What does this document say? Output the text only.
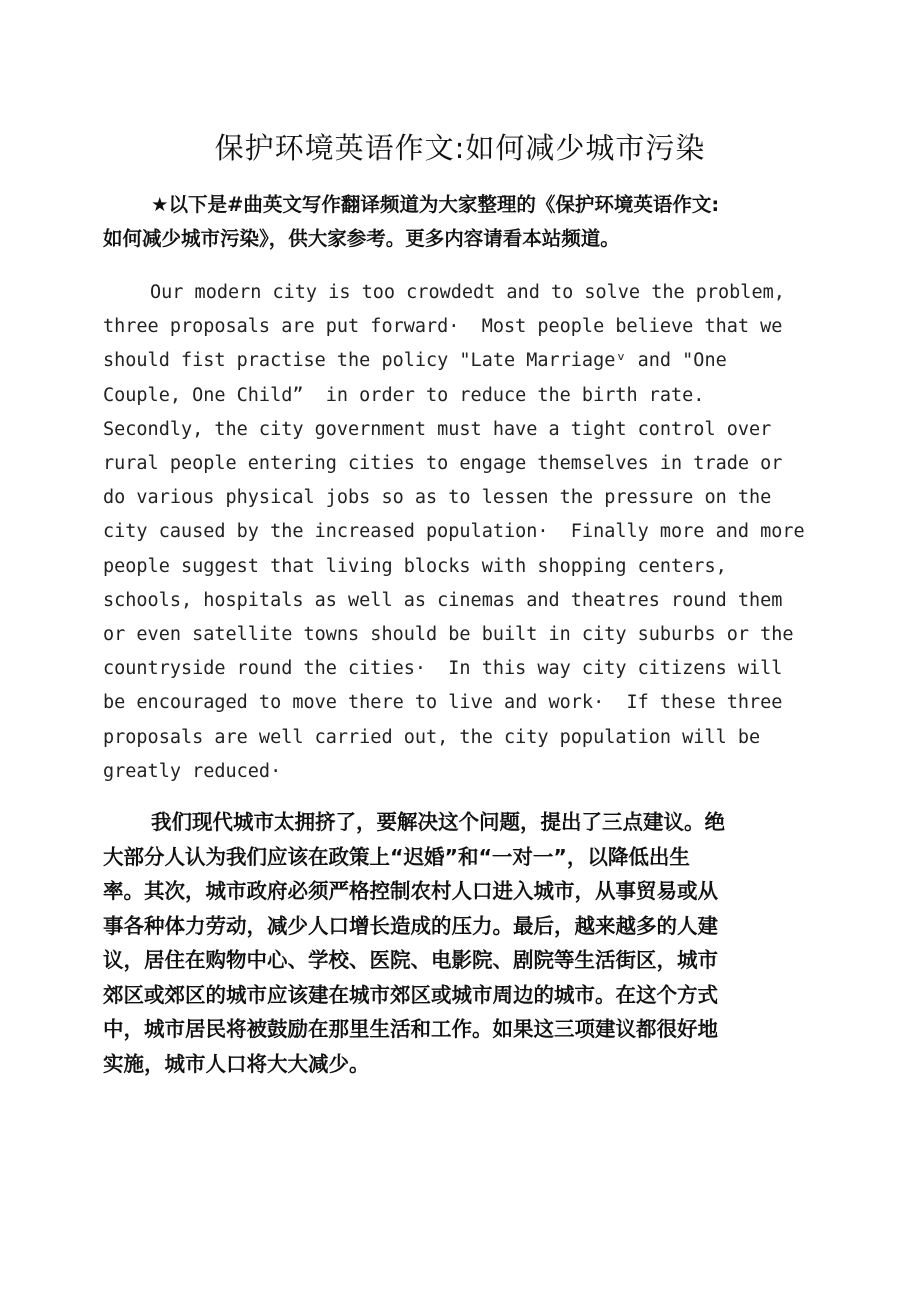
保护环境英语作文:如何减少城市污染
★以下是#曲英文写作翻译频道为大家整理的《保护环境英语作文:
如何减少城市污染》，供大家参考。更多内容请看本站频道。
Our modern city is too crowdedt and to solve the problem,
three proposals are put forward·  Most people believe that we
should fist practise the policy "Late Marriageᵛ and "One
Couple, One Child”  in order to reduce the birth rate.
Secondly, the city government must have a tight control over
rural people entering cities to engage themselves in trade or
do various physical jobs so as to lessen the pressure on the
city caused by the increased population·  Finally more and more
people suggest that living blocks with shopping centers,
schools, hospitals as well as cinemas and theatres round them
or even satellite towns should be built in city suburbs or the
countryside round the cities·  In this way city citizens will
be encouraged to move there to live and work·  If these three
proposals are well carried out, the city population will be
greatly reduced·
我们现代城市太拥挤了，要解决这个问题，提出了三点建议。绝
大部分人认为我们应该在政策上“迟婚”和“一对一”，以降低出生
率。其次，城市政府必须严格控制农村人口进入城市，从事贸易或从
事各种体力劳动，减少人口增长造成的压力。最后，越来越多的人建
议，居住在购物中心、学校、医院、电影院、剧院等生活街区，城市
郊区或郊区的城市应该建在城市郊区或城市周边的城市。在这个方式
中，城市居民将被鼓励在那里生活和工作。如果这三项建议都很好地
实施，城市人口将大大减少。
